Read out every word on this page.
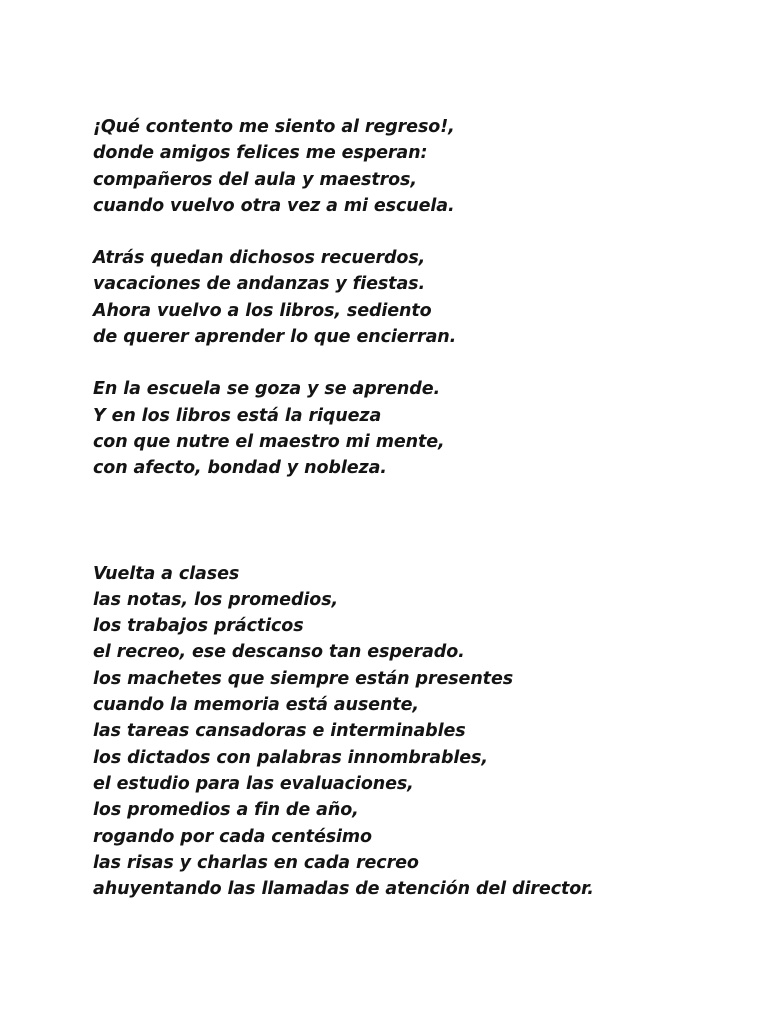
¡Qué contento me siento al regreso!,
donde amigos felices me esperan:
compañeros del aula y maestros,
cuando vuelvo otra vez a mi escuela.
Atrás quedan dichosos recuerdos,
vacaciones de andanzas y fiestas.
Ahora vuelvo a los libros, sediento
de querer aprender lo que encierran.
En la escuela se goza y se aprende.
Y en los libros está la riqueza
con que nutre el maestro mi mente,
con afecto, bondad y nobleza.
Vuelta a clases
las notas, los promedios,
los trabajos prácticos
el recreo, ese descanso tan esperado.
los machetes que siempre están presentes
cuando la memoria está ausente,
las tareas cansadoras e interminables
los dictados con palabras innombrables,
el estudio para las evaluaciones,
los promedios a fin de año,
rogando por cada centésimo
las risas y charlas en cada recreo
ahuyentando las llamadas de atención del director.
